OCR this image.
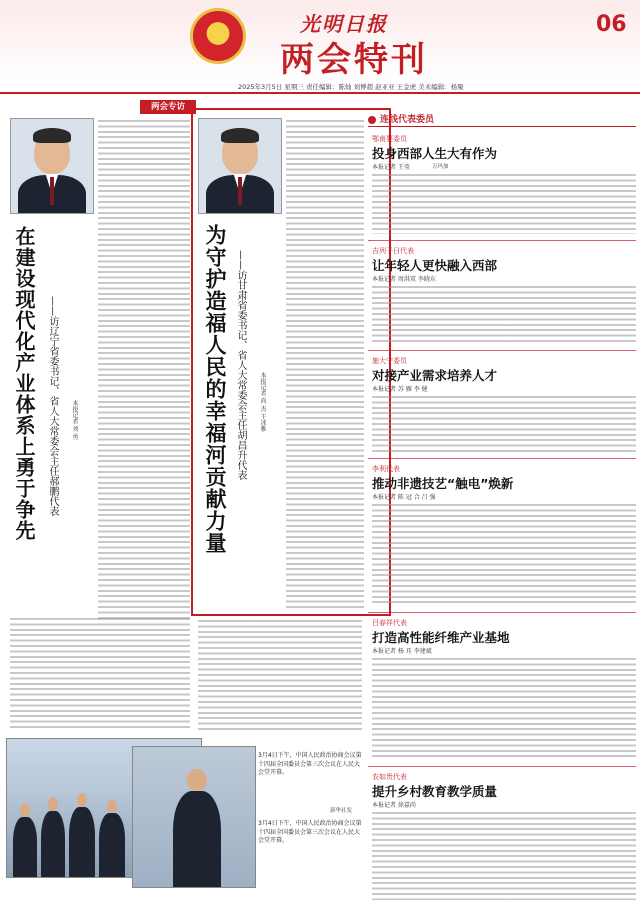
★	光明日报
两会特刊
06
2025年3月5日 星期三 责任编辑：陈灿 刘博超 赵亚亚 王金虎 美术编辑：杨聚
两会专访
在建设现代化产业体系上勇于争先	——访辽宁省委书记、省人大常委会主任郝鹏代表 本报记者 刘 勇	为守护造福人民的幸福河贡献力量 ——访甘肃省委书记、省人大常委会主任胡昌升代表 本报记者 尚 杰 王冰雅
3月4日下午，中国人民政治协商会议第十四届全国委员会第三次会议在人民大会堂开幕。
3月4日下午，中国人民政治协商会议第十四届全国委员会第三次会议在人民大会堂开幕。
新华社发
连线代表委员
鄂南要委员
投身西部人生大有作为
本报记者 王莹	万玛加
吉列子日代表
让年轻人更快融入西部
本报记者 周洪双 李晓东
施大宁委员
对接产业需求培养人才
本报记者 苏 雁 李 健
李利代表
推动非遗技艺“触电”焕新
本报记者 陈 冠 合 吕 强
吕春祥代表
打造高性能纤维产业基地
本报记者 杨 珏 李建斌
农如贵代表
提升乡村教育教学质量
本报记者 徐嘉尚
